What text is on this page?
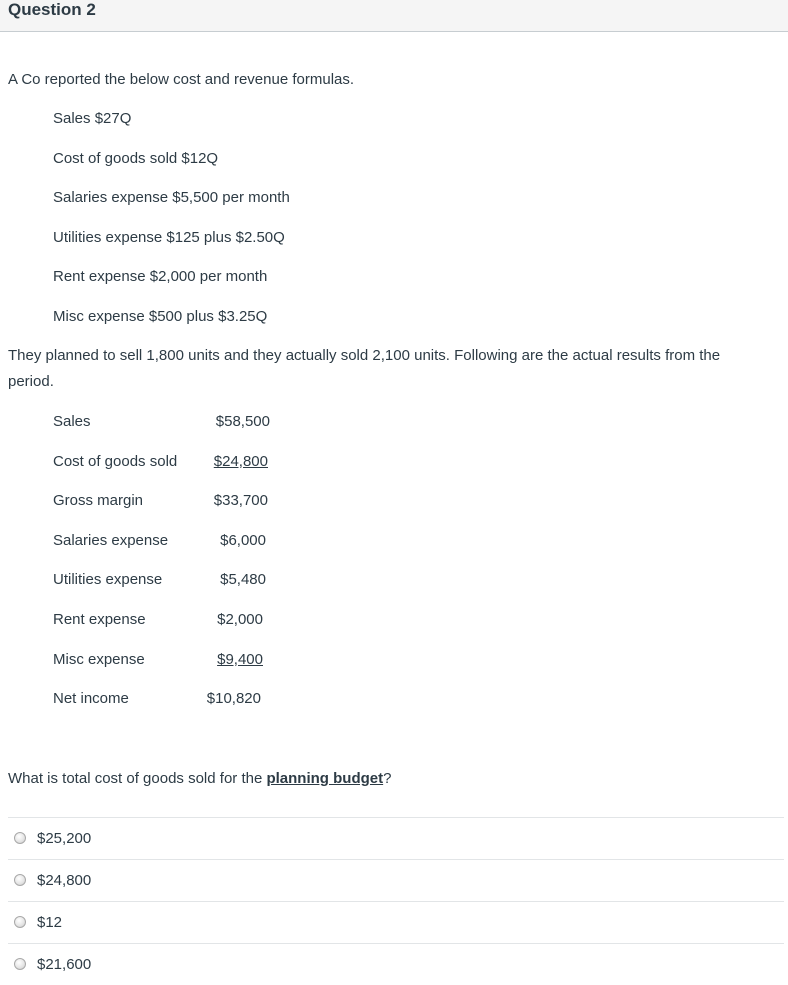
Question 2
A Co reported the below cost and revenue formulas.
Sales $27Q
Cost of goods sold $12Q
Salaries expense $5,500 per month
Utilities expense $125 plus $2.50Q
Rent expense $2,000 per month
Misc expense $500 plus $3.25Q
They planned to sell 1,800 units and they actually sold 2,100 units. Following are the actual results from the period.
Sales	$58,500
Cost of goods sold	$24,800
Gross margin	$33,700
Salaries expense	$6,000
Utilities expense	$5,480
Rent expense	$2,000
Misc expense	$9,400
Net income	$10,820
What is total cost of goods sold for the planning budget?
$25,200
$24,800
$12
$21,600
